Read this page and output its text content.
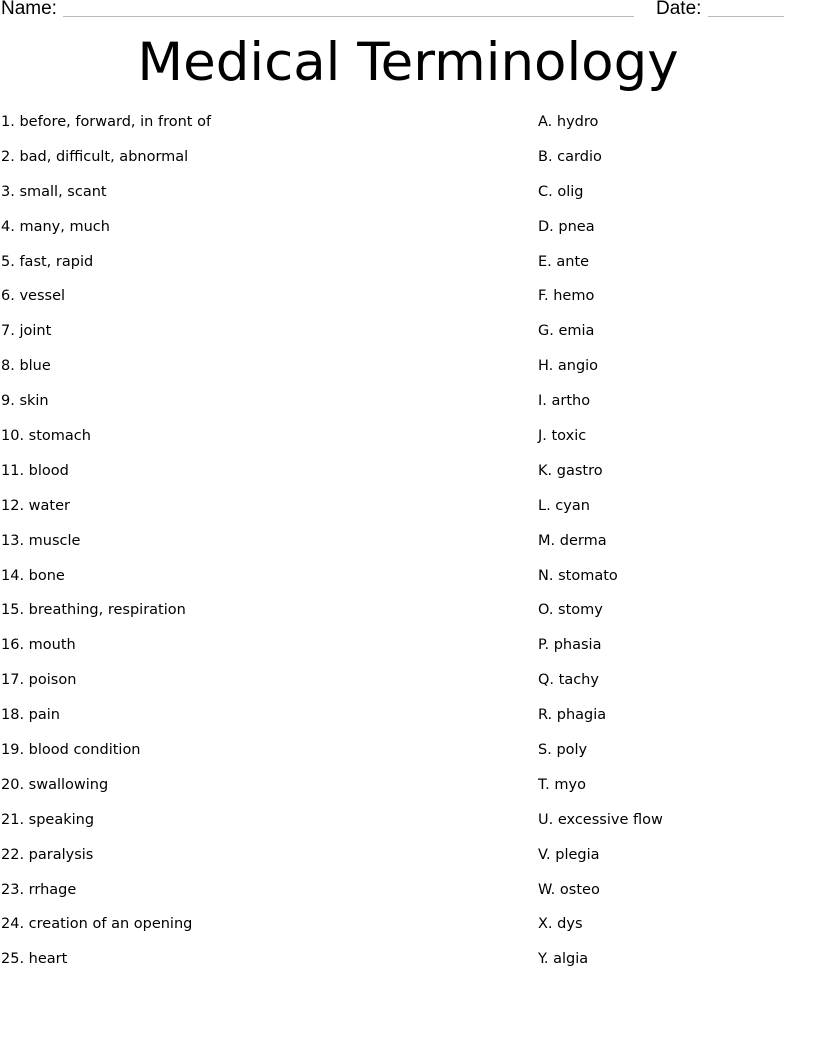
Name:	Date:
Medical Terminology
1. before, forward, in front of
2. bad, difficult, abnormal
3. small, scant
4. many, much
5. fast, rapid
6. vessel
7. joint
8. blue
9. skin
10. stomach
11. blood
12. water
13. muscle
14. bone
15. breathing, respiration
16. mouth
17. poison
18. pain
19. blood condition
20. swallowing
21. speaking
22. paralysis
23. rrhage
24. creation of an opening
25. heart
A. hydro
B. cardio
C. olig
D. pnea
E. ante
F. hemo
G. emia
H. angio
I. artho
J. toxic
K. gastro
L. cyan
M. derma
N. stomato
O. stomy
P. phasia
Q. tachy
R. phagia
S. poly
T. myo
U. excessive flow
V. plegia
W. osteo
X. dys
Y. algia
